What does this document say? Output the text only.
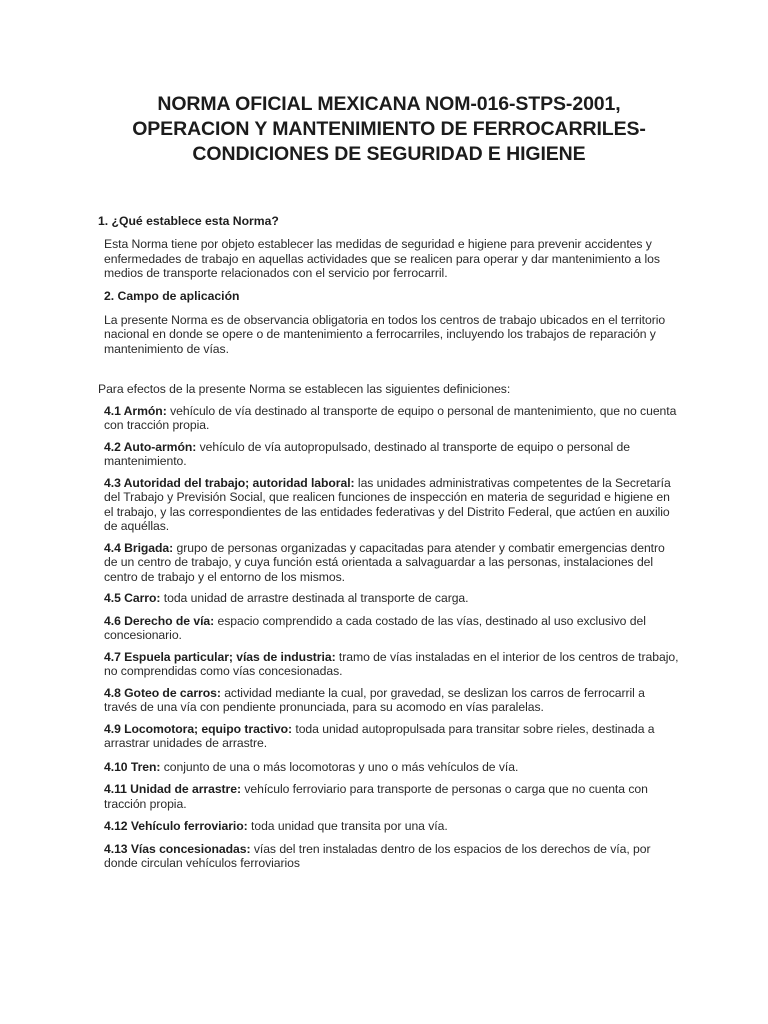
NORMA OFICIAL MEXICANA NOM-016-STPS-2001,
OPERACION Y MANTENIMIENTO DE FERROCARRILES-
CONDICIONES DE SEGURIDAD E HIGIENE

1. ¿Qué establece esta Norma?

Esta Norma tiene por objeto establecer las medidas de seguridad e higiene para prevenir accidentes y enfermedades de trabajo en aquellas actividades que se realicen para operar y dar mantenimiento a los medios de transporte relacionados con el servicio por ferrocarril.

2. Campo de aplicación

La presente Norma es de observancia obligatoria en todos los centros de trabajo ubicados en el territorio nacional en donde se opere o de mantenimiento a ferrocarriles, incluyendo los trabajos de reparación y mantenimiento de vías.

Para efectos de la presente Norma se establecen las siguientes definiciones:

4.1 Armón: vehículo de vía destinado al transporte de equipo o personal de mantenimiento, que no cuenta con tracción propia.

4.2 Auto-armón: vehículo de vía autopropulsado, destinado al transporte de equipo o personal de mantenimiento.

4.3 Autoridad del trabajo; autoridad laboral: las unidades administrativas competentes de la Secretaría del Trabajo y Previsión Social, que realicen funciones de inspección en materia de seguridad e higiene en el trabajo, y las correspondientes de las entidades federativas y del Distrito Federal, que actúen en auxilio de aquéllas.

4.4 Brigada: grupo de personas organizadas y capacitadas para atender y combatir emergencias dentro de un centro de trabajo, y cuya función está orientada a salvaguardar a las personas, instalaciones del centro de trabajo y el entorno de los mismos.

4.5 Carro: toda unidad de arrastre destinada al transporte de carga.

4.6 Derecho de vía: espacio comprendido a cada costado de las vías, destinado al uso exclusivo del concesionario.

4.7 Espuela particular; vías de industria: tramo de vías instaladas en el interior de los centros de trabajo, no comprendidas como vías concesionadas.

4.8 Goteo de carros: actividad mediante la cual, por gravedad, se deslizan los carros de ferrocarril a través de una vía con pendiente pronunciada, para su acomodo en vías paralelas.

4.9 Locomotora; equipo tractivo: toda unidad autopropulsada para transitar sobre rieles, destinada a arrastrar unidades de arrastre.

4.10 Tren: conjunto de una o más locomotoras y uno o más vehículos de vía.

4.11 Unidad de arrastre: vehículo ferroviario para transporte de personas o carga que no cuenta con tracción propia.

4.12 Vehículo ferroviario: toda unidad que transita por una vía.

4.13 Vías concesionadas: vías del tren instaladas dentro de los espacios de los derechos de vía, por donde circulan vehículos ferroviarios
